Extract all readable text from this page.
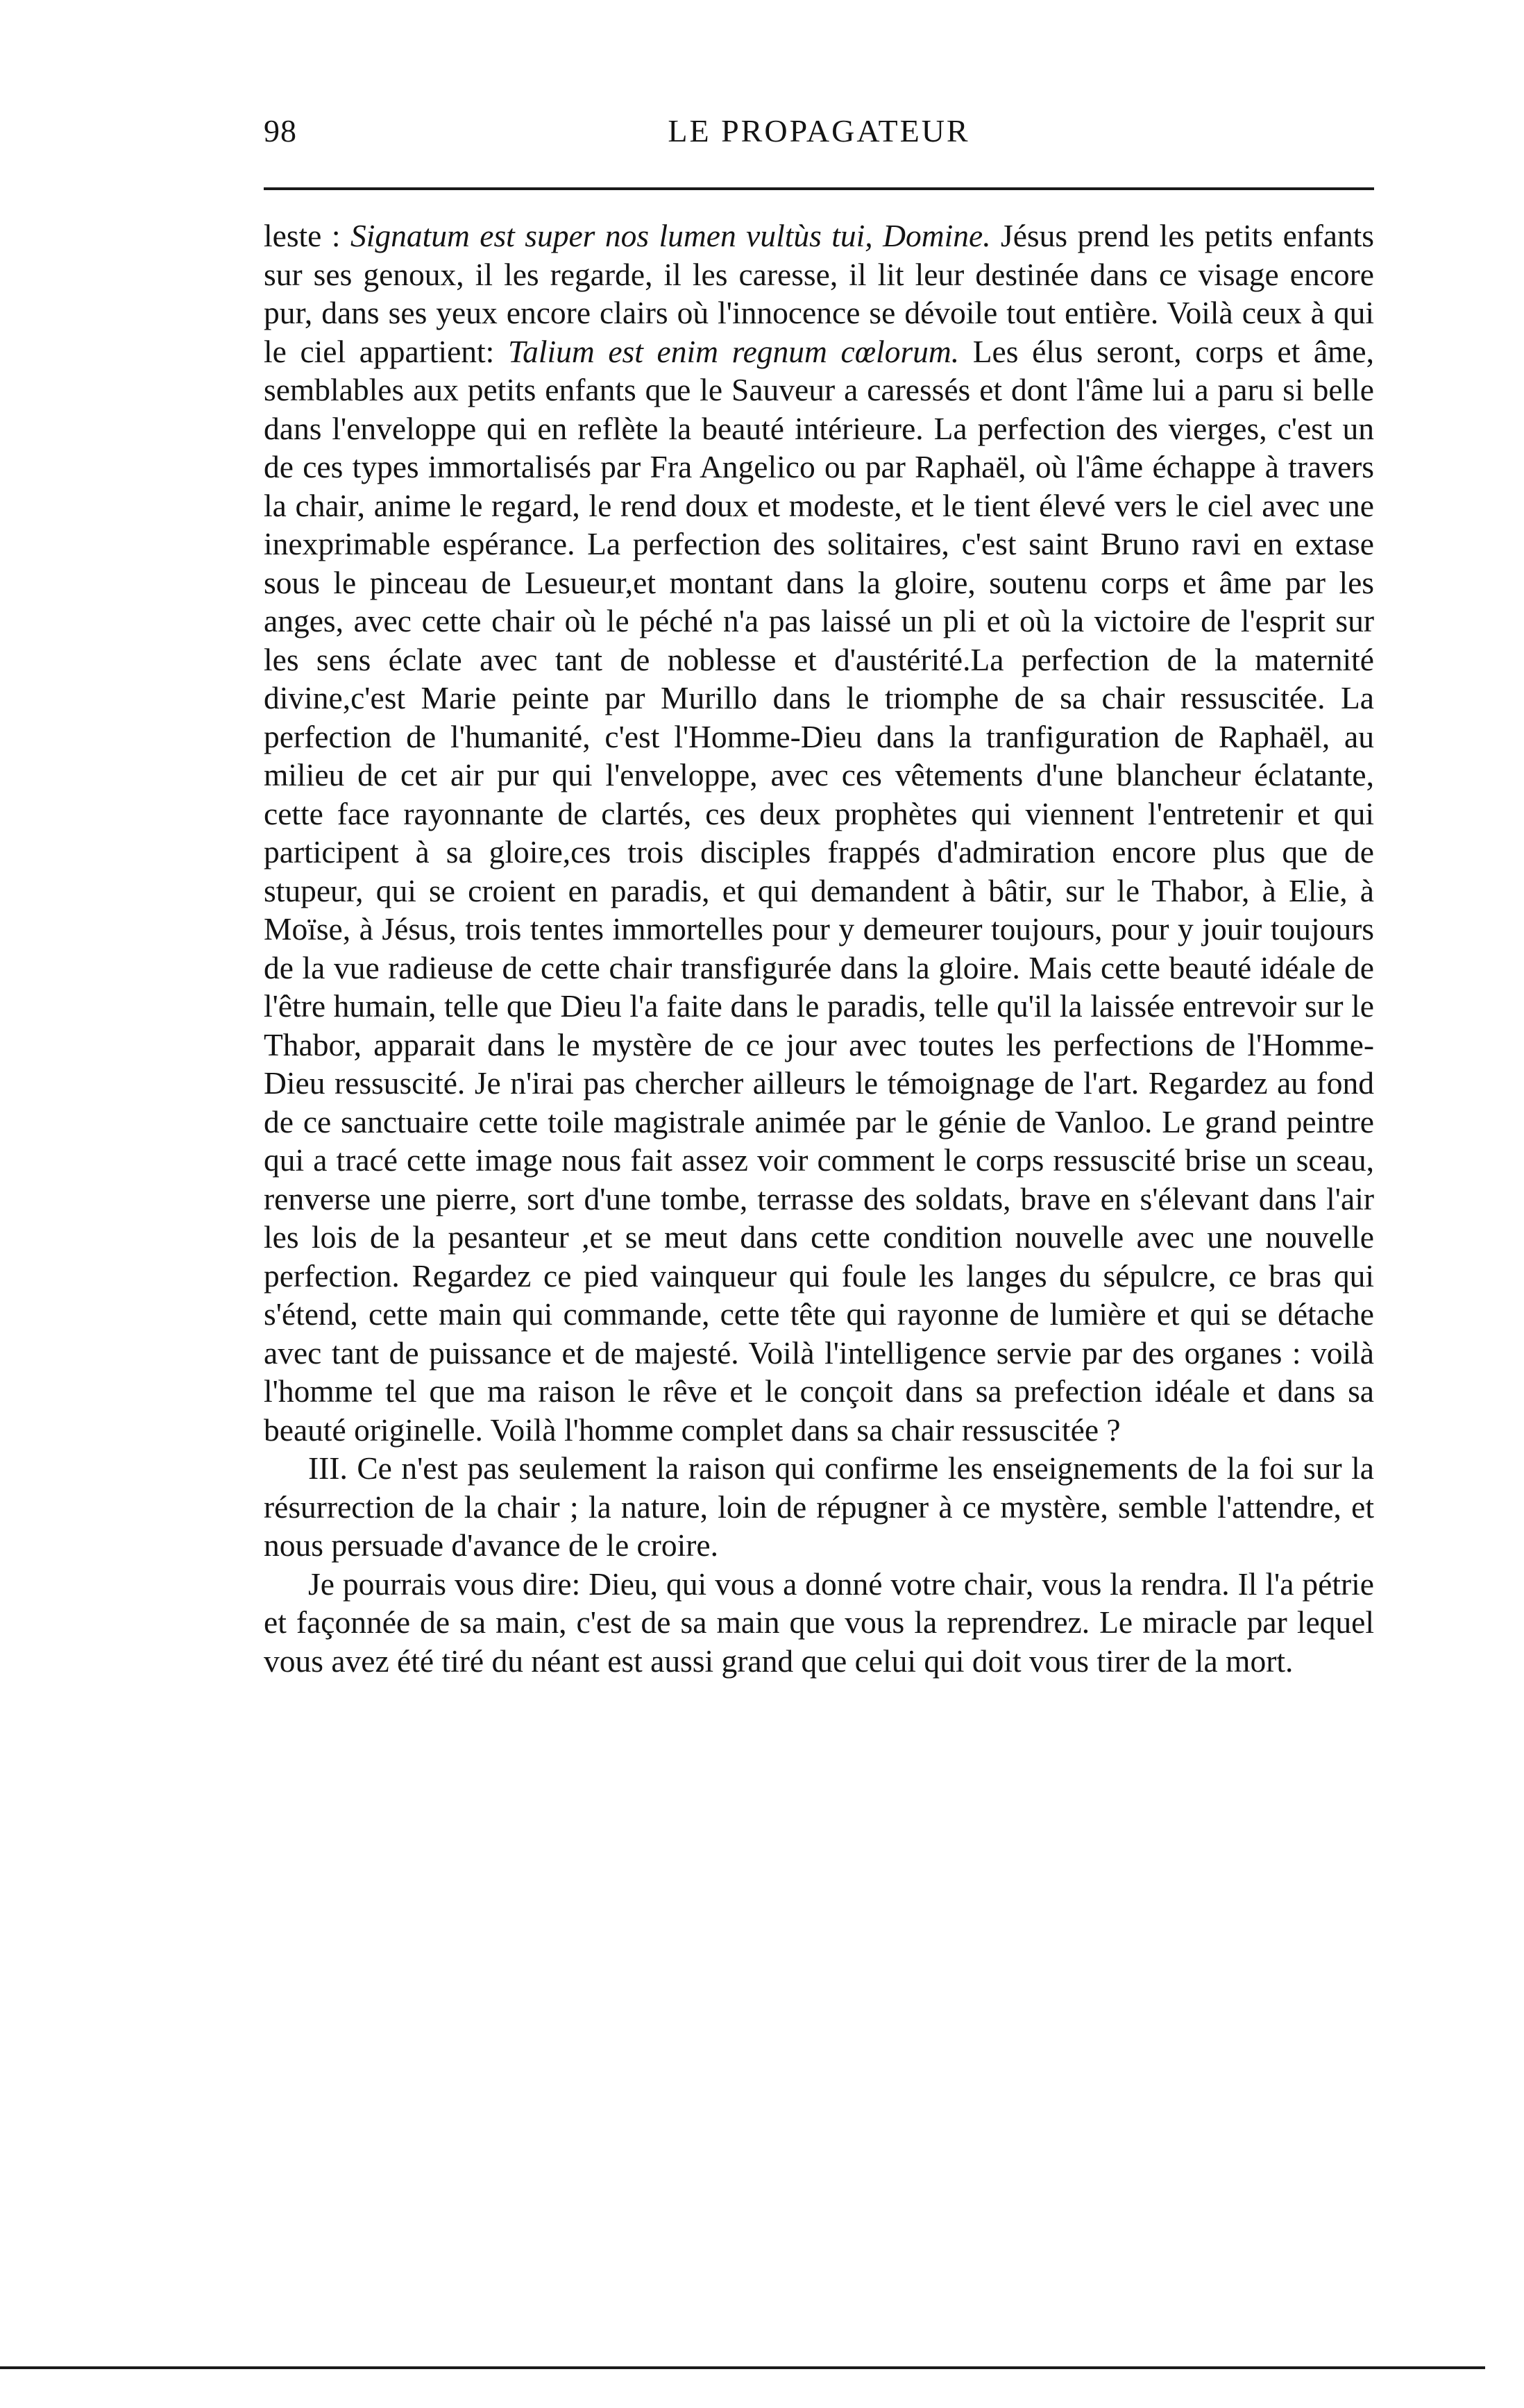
98	LE PROPAGATEUR

leste : Signatum est super nos lumen vultùs tui, Domine. Jésus prend les petits enfants sur ses genoux, il les regarde, il les caresse, il lit leur destinée dans ce visage encore pur, dans ses yeux encore clairs où l'innocence se dévoile tout entière. Voilà ceux à qui le ciel appartient: Talium est enim regnum cœlorum. Les élus seront, corps et âme, semblables aux petits enfants que le Sauveur a caressés et dont l'âme lui a paru si belle dans l'enveloppe qui en reflète la beauté intérieure. La perfection des vierges, c'est un de ces types immortalisés par Fra Angelico ou par Raphaël, où l'âme échappe à travers la chair, anime le regard, le rend doux et modeste, et le tient élevé vers le ciel avec une inexprimable espérance. La perfection des solitaires, c'est saint Bruno ravi en extase sous le pinceau de Lesueur,et montant dans la gloire, soutenu corps et âme par les anges, avec cette chair où le péché n'a pas laissé un pli et où la victoire de l'esprit sur les sens éclate avec tant de noblesse et d'austérité.La perfection de la maternité divine,c'est Marie peinte par Murillo dans le triomphe de sa chair ressuscitée. La perfection de l'humanité, c'est l'Homme-Dieu dans la tranfiguration de Raphaël, au milieu de cet air pur qui l'enveloppe, avec ces vêtements d'une blancheur éclatante, cette face rayonnante de clartés, ces deux prophètes qui viennent l'entretenir et qui participent à sa gloire,ces trois disciples frappés d'admiration encore plus que de stupeur, qui se croient en paradis, et qui demandent à bâtir, sur le Thabor, à Elie, à Moïse, à Jésus, trois tentes immortelles pour y demeurer toujours, pour y jouir toujours de la vue radieuse de cette chair transfigurée dans la gloire. Mais cette beauté idéale de l'être humain, telle que Dieu l'a faite dans le paradis, telle qu'il la laissée entrevoir sur le Thabor, apparait dans le mystère de ce jour avec toutes les perfections de l'Homme-Dieu ressuscité. Je n'irai pas chercher ailleurs le témoignage de l'art. Regardez au fond de ce sanctuaire cette toile magistrale animée par le génie de Vanloo. Le grand peintre qui a tracé cette image nous fait assez voir comment le corps ressuscité brise un sceau, renverse une pierre, sort d'une tombe, terrasse des soldats, brave en s'élevant dans l'air les lois de la pesanteur ,et se meut dans cette condition nouvelle avec une nouvelle perfection. Regardez ce pied vainqueur qui foule les langes du sépulcre, ce bras qui s'étend, cette main qui commande, cette tête qui rayonne de lumière et qui se détache avec tant de puissance et de majesté. Voilà l'intelligence servie par des organes : voilà l'homme tel que ma raison le rêve et le conçoit dans sa prefection idéale et dans sa beauté originelle. Voilà l'homme complet dans sa chair ressuscitée ?

III. Ce n'est pas seulement la raison qui confirme les enseignements de la foi sur la résurrection de la chair ; la nature, loin de répugner à ce mystère, semble l'attendre, et nous persuade d'avance de le croire.

Je pourrais vous dire: Dieu, qui vous a donné votre chair, vous la rendra. Il l'a pétrie et façonnée de sa main, c'est de sa main que vous la reprendrez. Le miracle par lequel vous avez été tiré du néant est aussi grand que celui qui doit vous tirer de la mort.
